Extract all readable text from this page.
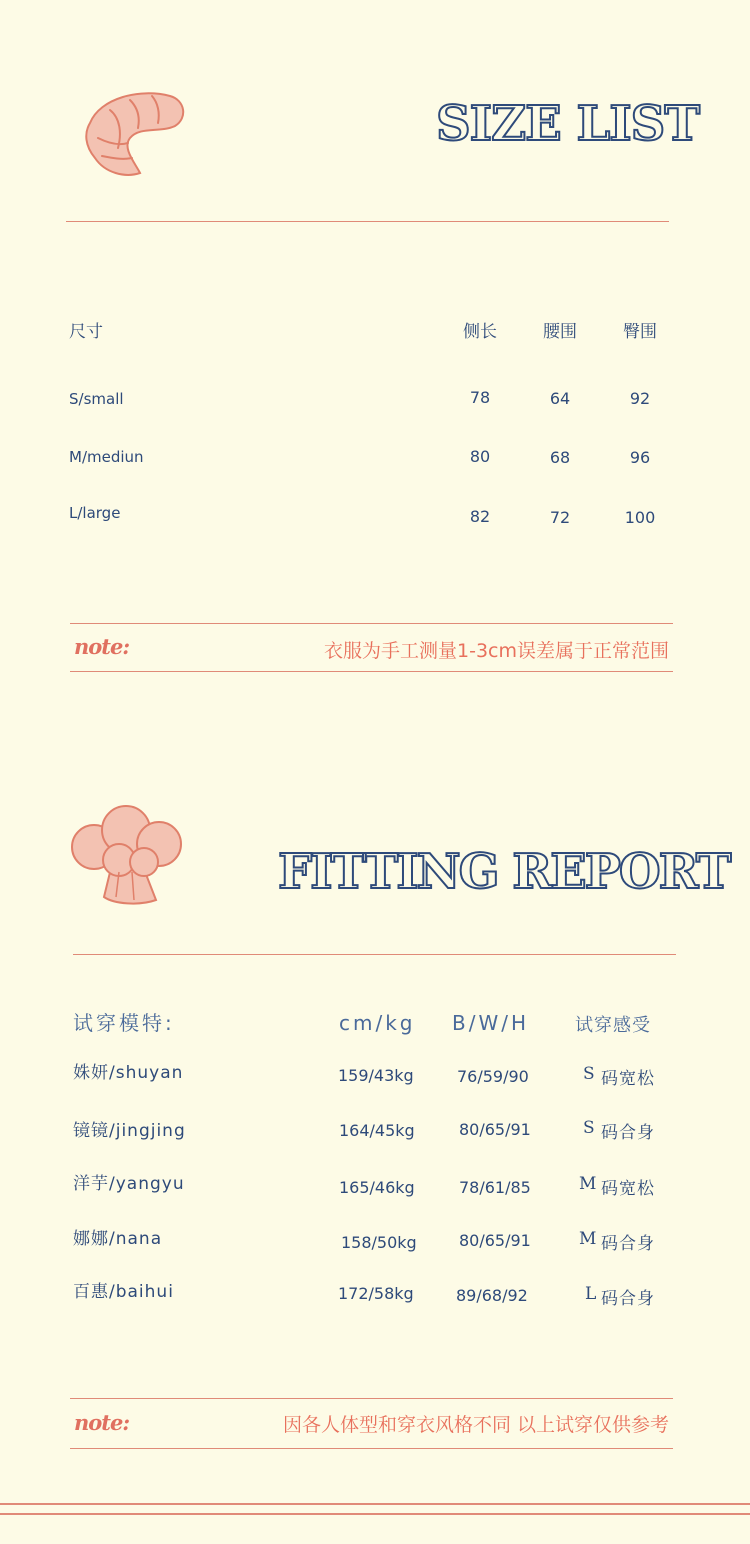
SIZE LIST
尺寸	侧长	腰围	臀围
S/small	78	64	92
M/mediun	80	68	96
L/large	82	72	100
note:	衣服为手工测量1-3cm误差属于正常范围
FITTING REPORT
试穿模特:	cm/kg B/W/H	试穿感受
姝妍/shuyan	159/43kg	76/59/90	S 码宽松
镜镜/jingjing	164/45kg	80/65/91	S 码合身
洋芋/yangyu	165/46kg	78/61/85	M 码宽松
娜娜/nana	158/50kg	80/65/91	M 码合身
百惠/baihui	172/58kg	89/68/92	L 码合身
note:	因各人体型和穿衣风格不同 以上试穿仅供参考
